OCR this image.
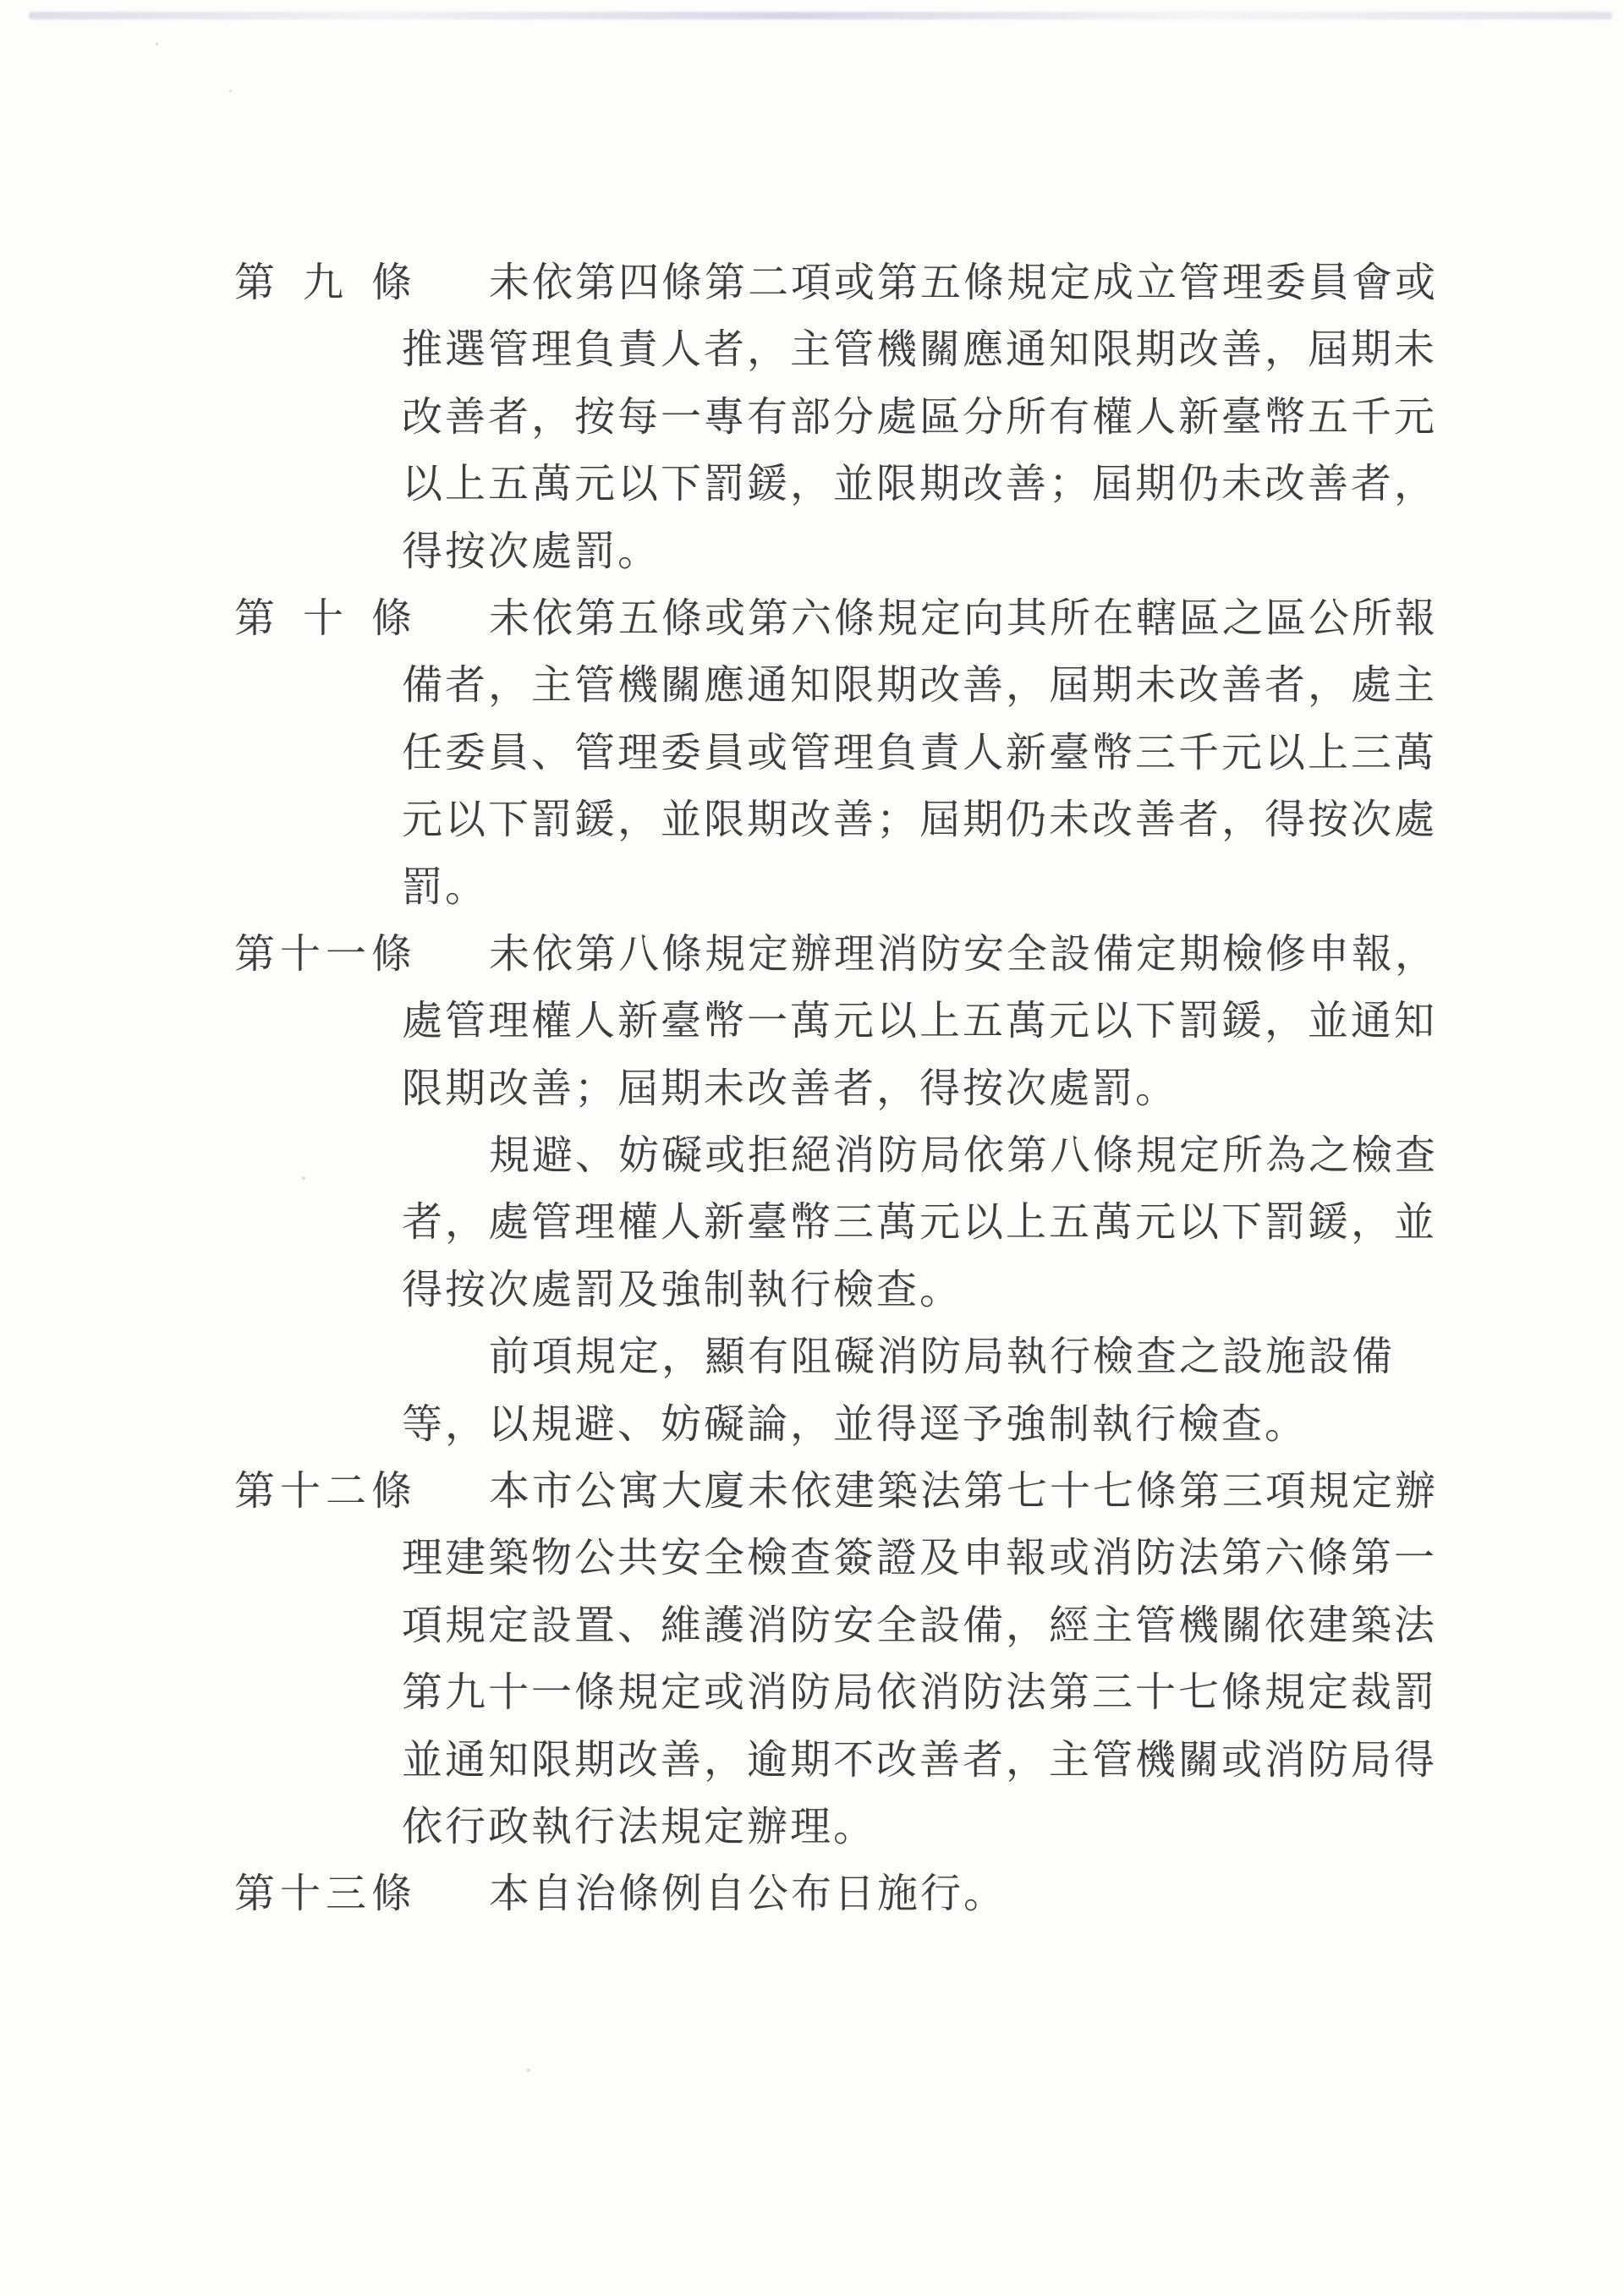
第九條 未依第四條第二項或第五條規定成立管理委員會或
推選管理負責人者，主管機關應通知限期改善，屆期未
改善者，按每一專有部分處區分所有權人新臺幣五千元
以上五萬元以下罰鍰，並限期改善；屆期仍未改善者，
得按次處罰。
第十條 未依第五條或第六條規定向其所在轄區之區公所報
備者，主管機關應通知限期改善，屆期未改善者，處主
任委員、管理委員或管理負責人新臺幣三千元以上三萬
元以下罰鍰，並限期改善；屆期仍未改善者，得按次處
罰。
第十一條 未依第八條規定辦理消防安全設備定期檢修申報，
處管理權人新臺幣一萬元以上五萬元以下罰鍰，並通知
限期改善；屆期未改善者，得按次處罰。
規避、妨礙或拒絕消防局依第八條規定所為之檢查
者，處管理權人新臺幣三萬元以上五萬元以下罰鍰，並
得按次處罰及強制執行檢查。
前項規定，顯有阻礙消防局執行檢查之設施設備
等，以規避、妨礙論，並得逕予強制執行檢查。
第十二條 本市公寓大廈未依建築法第七十七條第三項規定辦
理建築物公共安全檢查簽證及申報或消防法第六條第一
項規定設置、維護消防安全設備，經主管機關依建築法
第九十一條規定或消防局依消防法第三十七條規定裁罰
並通知限期改善，逾期不改善者，主管機關或消防局得
依行政執行法規定辦理。
第十三條 本自治條例自公布日施行。
